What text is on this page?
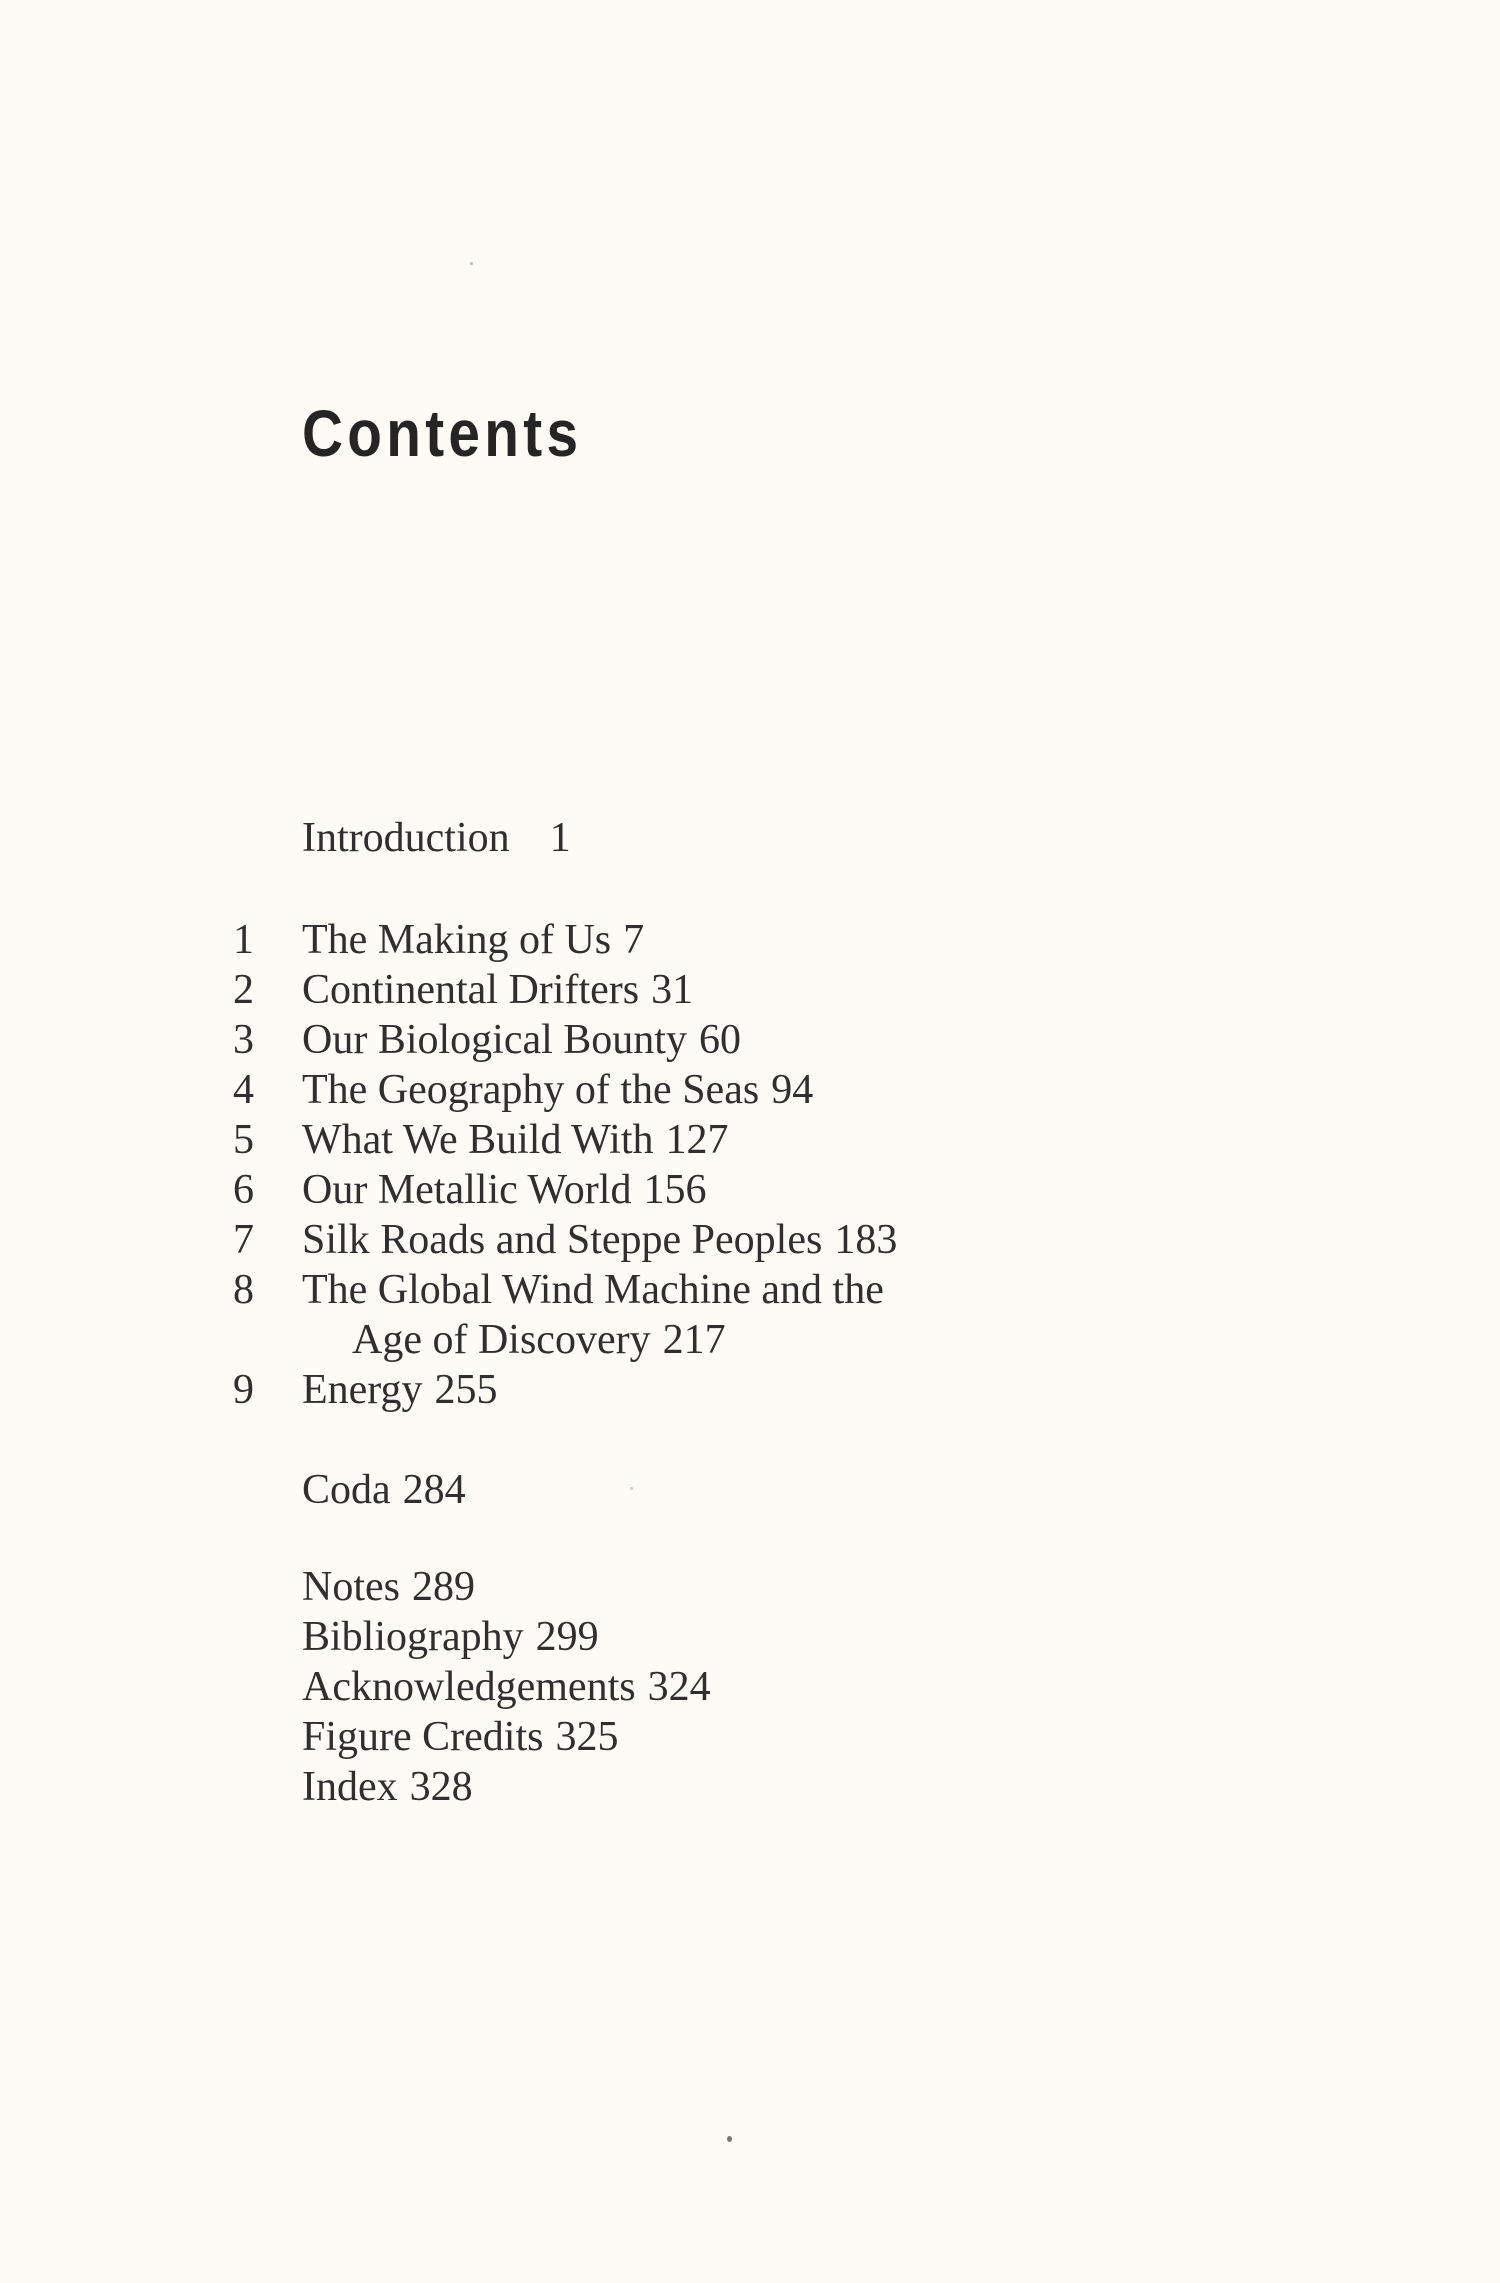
Contents
Introduction 1
1	The Making of Us 7
2	Continental Drifters 31
3	Our Biological Bounty 60
4	The Geography of the Seas 94
5	What We Build With 127
6	Our Metallic World 156
7	Silk Roads and Steppe Peoples 183
8	The Global Wind Machine and the
Age of Discovery 217
9	Energy 255
Coda 284
Notes 289
Bibliography 299
Acknowledgements 324
Figure Credits 325
Index 328
